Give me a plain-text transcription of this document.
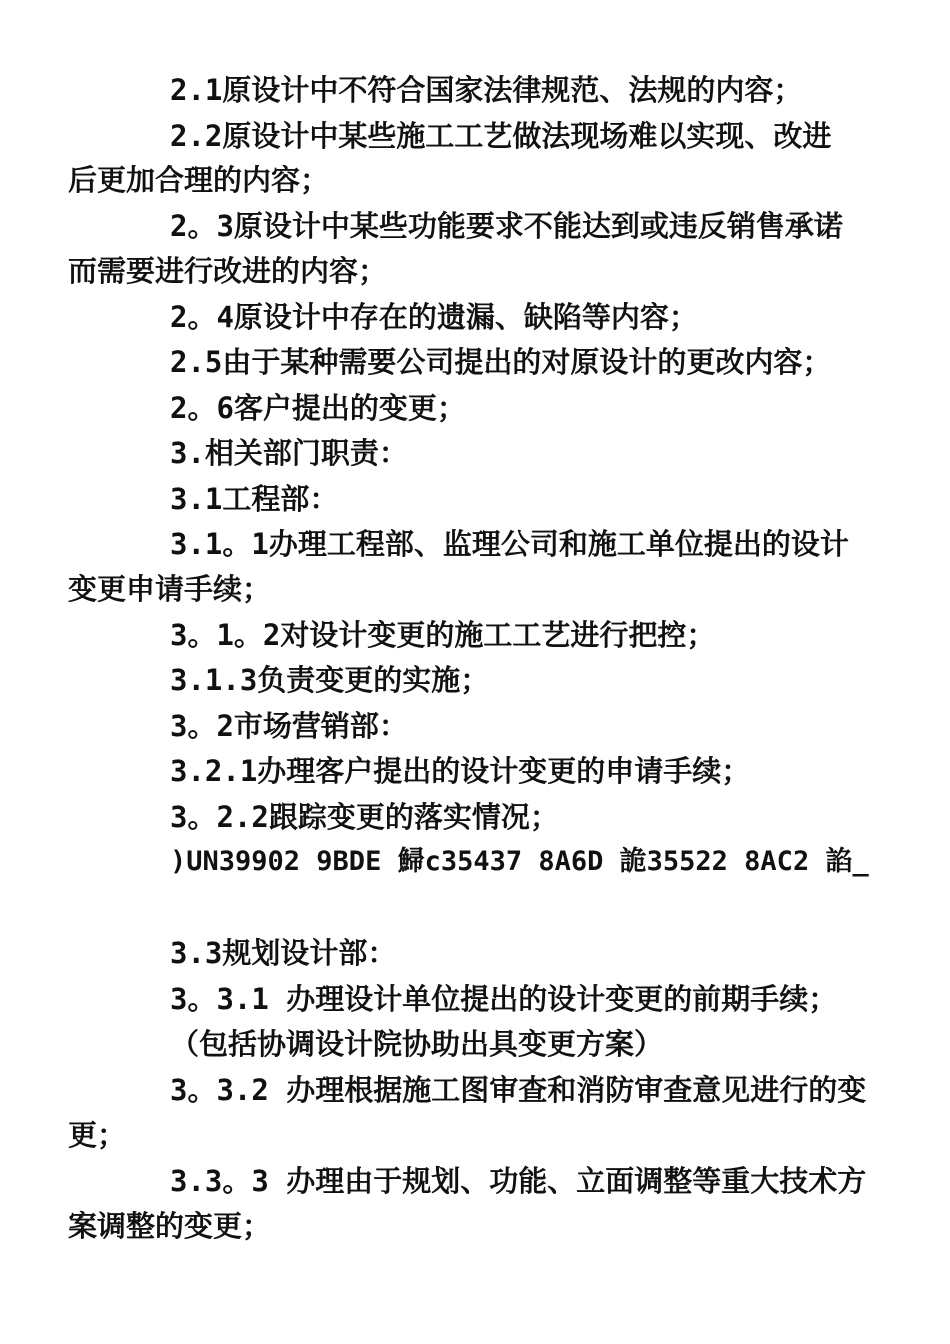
2.1原设计中不符合国家法律规范、法规的内容；
2.2原设计中某些施工工艺做法现场难以实现、改进
后更加合理的内容；
2。3原设计中某些功能要求不能达到或违反销售承诺
而需要进行改进的内容；
2。4原设计中存在的遗漏、缺陷等内容；
2.5由于某种需要公司提出的对原设计的更改内容；
2。6客户提出的变更；
3.相关部门职责：
3.1工程部：
3.1。1办理工程部、监理公司和施工单位提出的设计
变更申请手续；
3。1。2对设计变更的施工工艺进行把控；
3.1.3负责变更的实施；
3。2市场营销部：
3.2.1办理客户提出的设计变更的申请手续；
3。2.2跟踪变更的落实情况；
)UN39902 9BDE 鯞c35437 8A6D 詭35522 8AC2 諂_
3.3规划设计部：
3。3.1 办理设计单位提出的设计变更的前期手续；
（包括协调设计院协助出具变更方案）
3。3.2 办理根据施工图审查和消防审查意见进行的变
更；
3.3。3 办理由于规划、功能、立面调整等重大技术方
案调整的变更；
